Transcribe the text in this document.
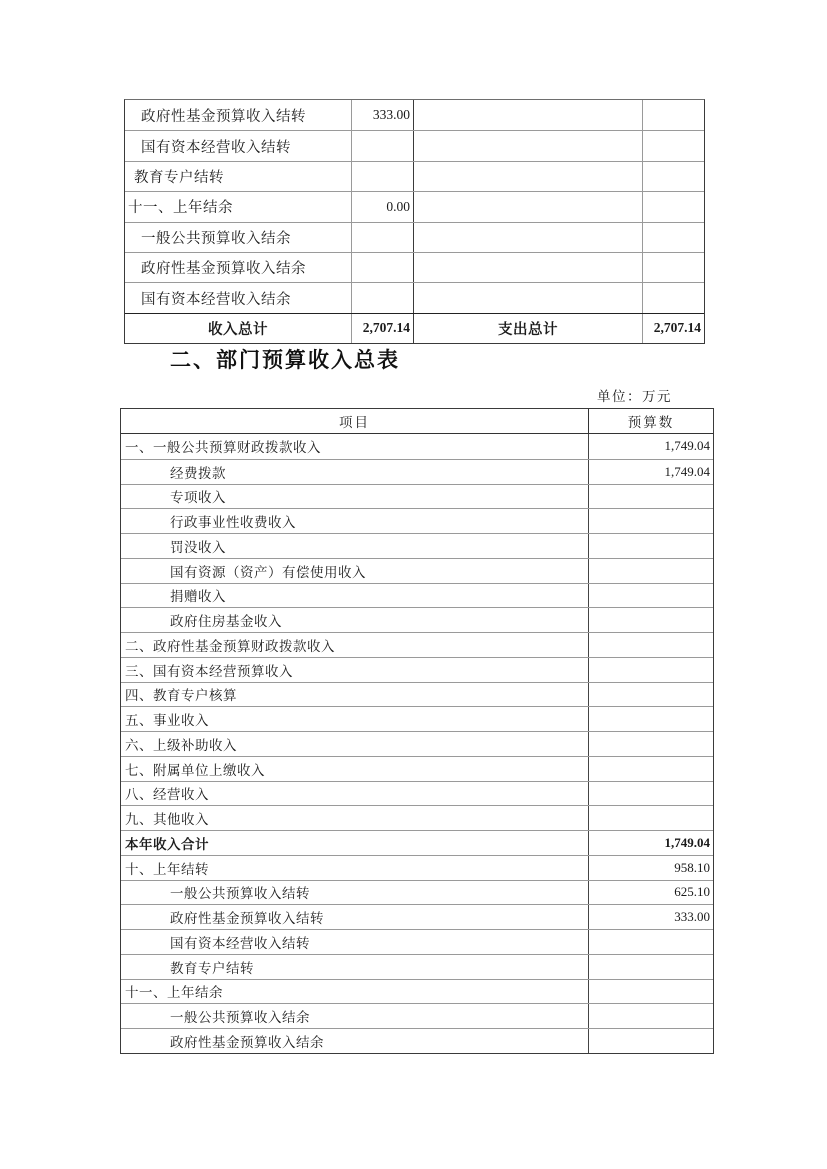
政府性基金预算收入结转	333.00
国有资本经营收入结转
教育专户结转
十一、上年结余	0.00
一般公共预算收入结余
政府性基金预算收入结余
国有资本经营收入结余
收入总计	2,707.14	支出总计	2,707.14
二、部门预算收入总表
单位：万元
项目	预算数
一、一般公共预算财政拨款收入	1,749.04
经费拨款	1,749.04
专项收入
行政事业性收费收入
罚没收入
国有资源（资产）有偿使用收入
捐赠收入
政府住房基金收入
二、政府性基金预算财政拨款收入
三、国有资本经营预算收入
四、教育专户核算
五、事业收入
六、上级补助收入
七、附属单位上缴收入
八、经营收入
九、其他收入
本年收入合计	1,749.04
十、上年结转	958.10
一般公共预算收入结转	625.10
政府性基金预算收入结转	333.00
国有资本经营收入结转
教育专户结转
十一、上年结余
一般公共预算收入结余
政府性基金预算收入结余
